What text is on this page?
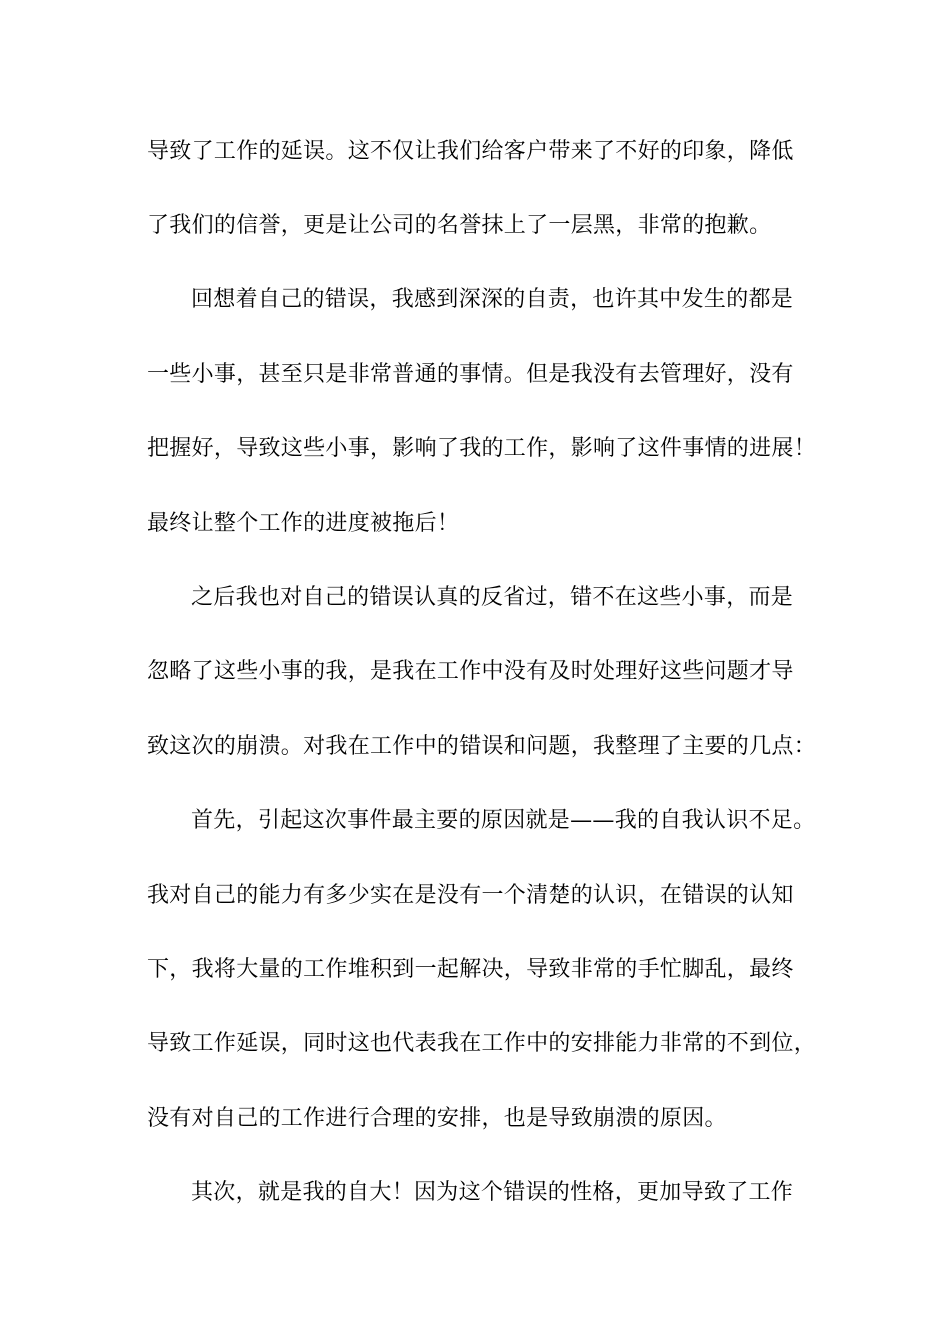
导致了工作的延误。这不仅让我们给客户带来了不好的印象，降低
了我们的信誉，更是让公司的名誉抹上了一层黑，非常的抱歉。
回想着自己的错误，我感到深深的自责，也许其中发生的都是
一些小事，甚至只是非常普通的事情。但是我没有去管理好，没有
把握好，导致这些小事，影响了我的工作，影响了这件事情的进展！
最终让整个工作的进度被拖后！
之后我也对自己的错误认真的反省过，错不在这些小事，而是
忽略了这些小事的我，是我在工作中没有及时处理好这些问题才导
致这次的崩溃。对我在工作中的错误和问题，我整理了主要的几点：
首先，引起这次事件最主要的原因就是——我的自我认识不足。
我对自己的能力有多少实在是没有一个清楚的认识，在错误的认知
下，我将大量的工作堆积到一起解决，导致非常的手忙脚乱，最终
导致工作延误，同时这也代表我在工作中的安排能力非常的不到位，
没有对自己的工作进行合理的安排，也是导致崩溃的原因。
其次，就是我的自大！因为这个错误的性格，更加导致了工作
